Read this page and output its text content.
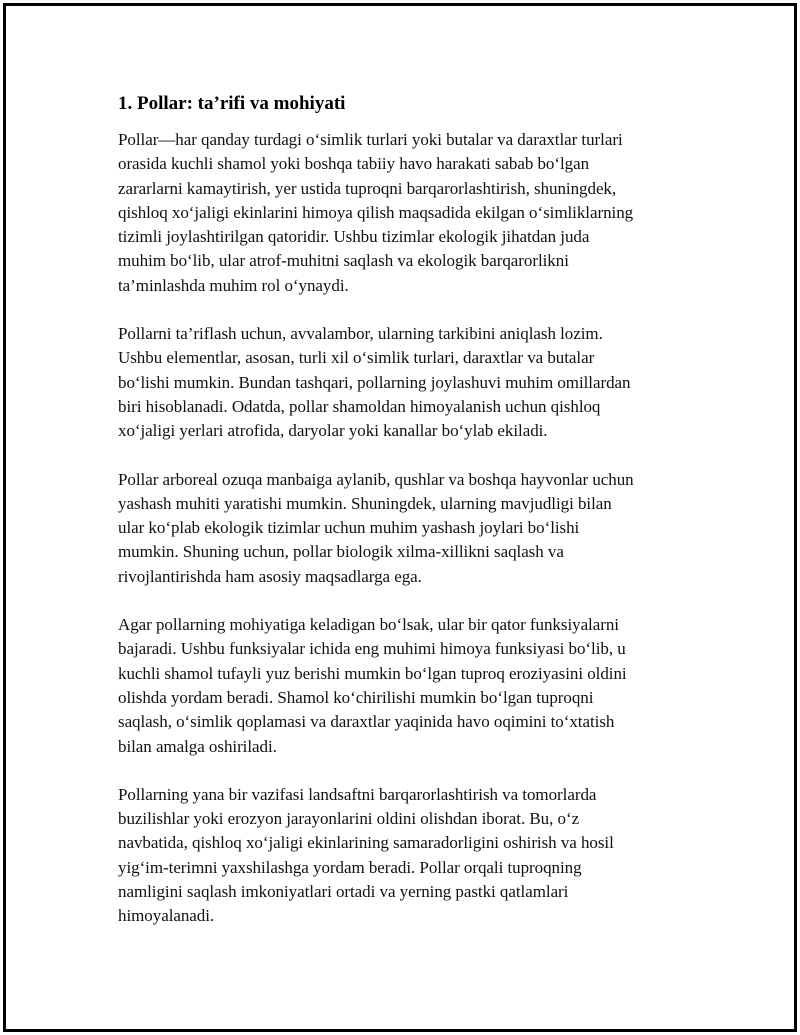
1. Pollar: ta’rifi va mohiyati

Pollar—har qanday turdagi o‘simlik turlari yoki butalar va daraxtlar turlari
orasida kuchli shamol yoki boshqa tabiiy havo harakati sabab bo‘lgan
zararlarni kamaytirish, yer ustida tuproqni barqarorlashtirish, shuningdek,
qishloq xo‘jaligi ekinlarini himoya qilish maqsadida ekilgan o‘simliklarning
tizimli joylashtirilgan qatoridir. Ushbu tizimlar ekologik jihatdan juda
muhim bo‘lib, ular atrof-muhitni saqlash va ekologik barqarorlikni
ta’minlashda muhim rol o‘ynaydi.

Pollarni ta’riflash uchun, avvalambor, ularning tarkibini aniqlash lozim.
Ushbu elementlar, asosan, turli xil o‘simlik turlari, daraxtlar va butalar
bo‘lishi mumkin. Bundan tashqari, pollarning joylashuvi muhim omillardan
biri hisoblanadi. Odatda, pollar shamoldan himoyalanish uchun qishloq
xo‘jaligi yerlari atrofida, daryolar yoki kanallar bo‘ylab ekiladi.

Pollar arboreal ozuqa manbaiga aylanib, qushlar va boshqa hayvonlar uchun
yashash muhiti yaratishi mumkin. Shuningdek, ularning mavjudligi bilan
ular ko‘plab ekologik tizimlar uchun muhim yashash joylari bo‘lishi
mumkin. Shuning uchun, pollar biologik xilma-xillikni saqlash va
rivojlantirishda ham asosiy maqsadlarga ega.

Agar pollarning mohiyatiga keladigan bo‘lsak, ular bir qator funksiyalarni
bajaradi. Ushbu funksiyalar ichida eng muhimi himoya funksiyasi bo‘lib, u
kuchli shamol tufayli yuz berishi mumkin bo‘lgan tuproq eroziyasini oldini
olishda yordam beradi. Shamol ko‘chirilishi mumkin bo‘lgan tuproqni
saqlash, o‘simlik qoplamasi va daraxtlar yaqinida havo oqimini to‘xtatish
bilan amalga oshiriladi.

Pollarning yana bir vazifasi landsaftni barqarorlashtirish va tomorlarda
buzilishlar yoki erozyon jarayonlarini oldini olishdan iborat. Bu, o‘z
navbatida, qishloq xo‘jaligi ekinlarining samaradorligini oshirish va hosil
yig‘im-terimni yaxshilashga yordam beradi. Pollar orqali tuproqning
namligini saqlash imkoniyatlari ortadi va yerning pastki qatlamlari
himoyalanadi.
